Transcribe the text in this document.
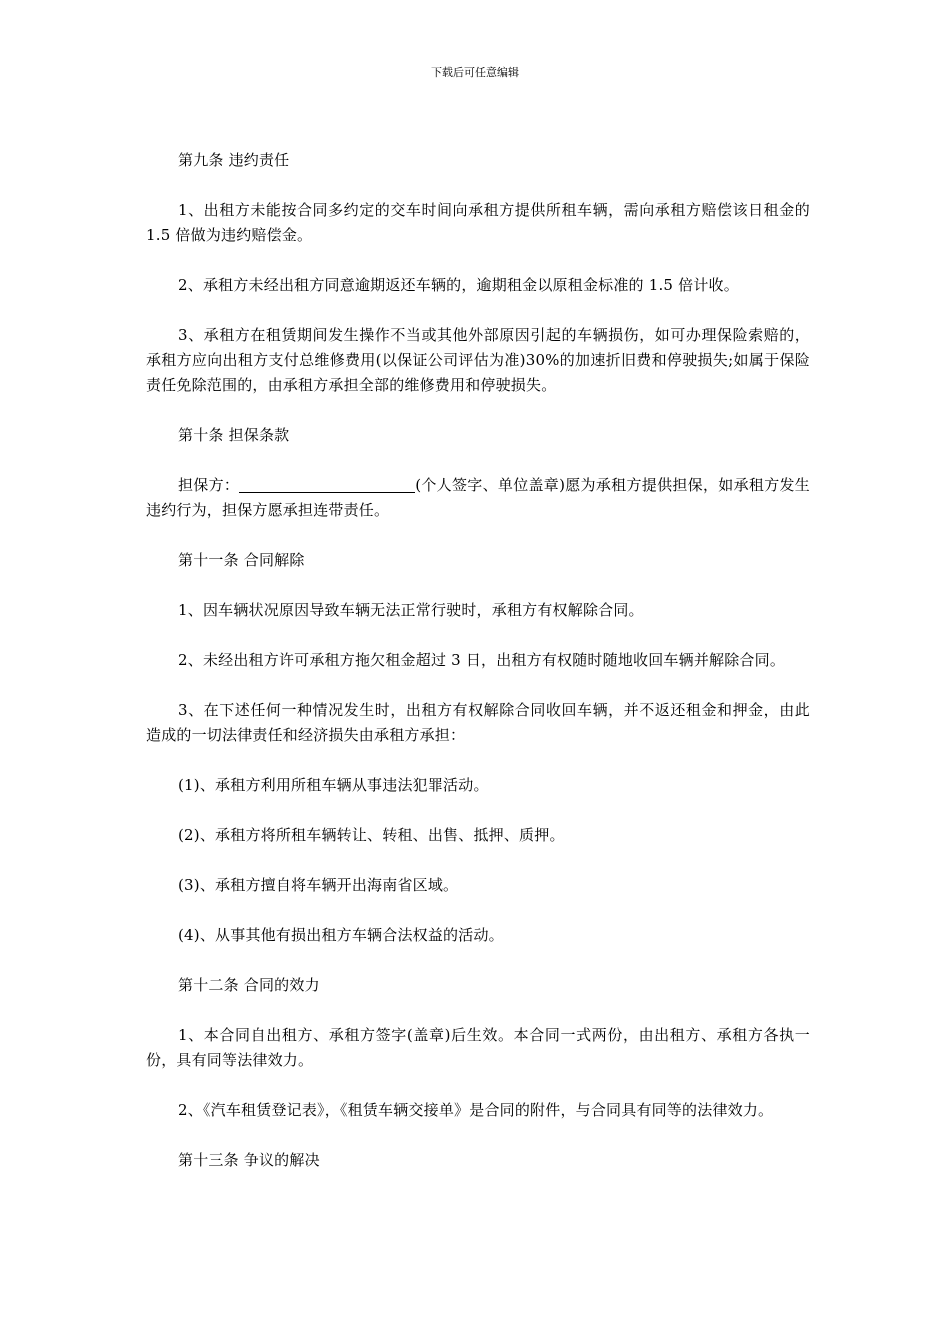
下载后可任意编辑

第九条 违约责任

1、出租方未能按合同多约定的交车时间向承租方提供所租车辆，需向承租方赔偿该日租金的 1.5 倍做为违约赔偿金。

2、承租方未经出租方同意逾期返还车辆的，逾期租金以原租金标准的 1.5 倍计收。

3、承租方在租赁期间发生操作不当或其他外部原因引起的车辆损伤，如可办理保险索赔的，承租方应向出租方支付总维修费用(以保证公司评估为准)30%的加速折旧费和停驶损失;如属于保险责任免除范围的，由承租方承担全部的维修费用和停驶损失。

第十条 担保条款

担保方：	(个人签字、单位盖章)愿为承租方提供担保，如承租方发生违约行为，担保方愿承担连带责任。

第十一条 合同解除

1、因车辆状况原因导致车辆无法正常行驶时，承租方有权解除合同。

2、未经出租方许可承租方拖欠租金超过 3 日，出租方有权随时随地收回车辆并解除合同。

3、在下述任何一种情况发生时，出租方有权解除合同收回车辆，并不返还租金和押金，由此造成的一切法律责任和经济损失由承租方承担：

(1)、承租方利用所租车辆从事违法犯罪活动。

(2)、承租方将所租车辆转让、转租、出售、抵押、质押。

(3)、承租方擅自将车辆开出海南省区域。

(4)、从事其他有损出租方车辆合法权益的活动。

第十二条 合同的效力

1、本合同自出租方、承租方签字(盖章)后生效。本合同一式两份，由出租方、承租方各执一份，具有同等法律效力。

2、《汽车租赁登记表》，《租赁车辆交接单》是合同的附件，与合同具有同等的法律效力。

第十三条 争议的解决
